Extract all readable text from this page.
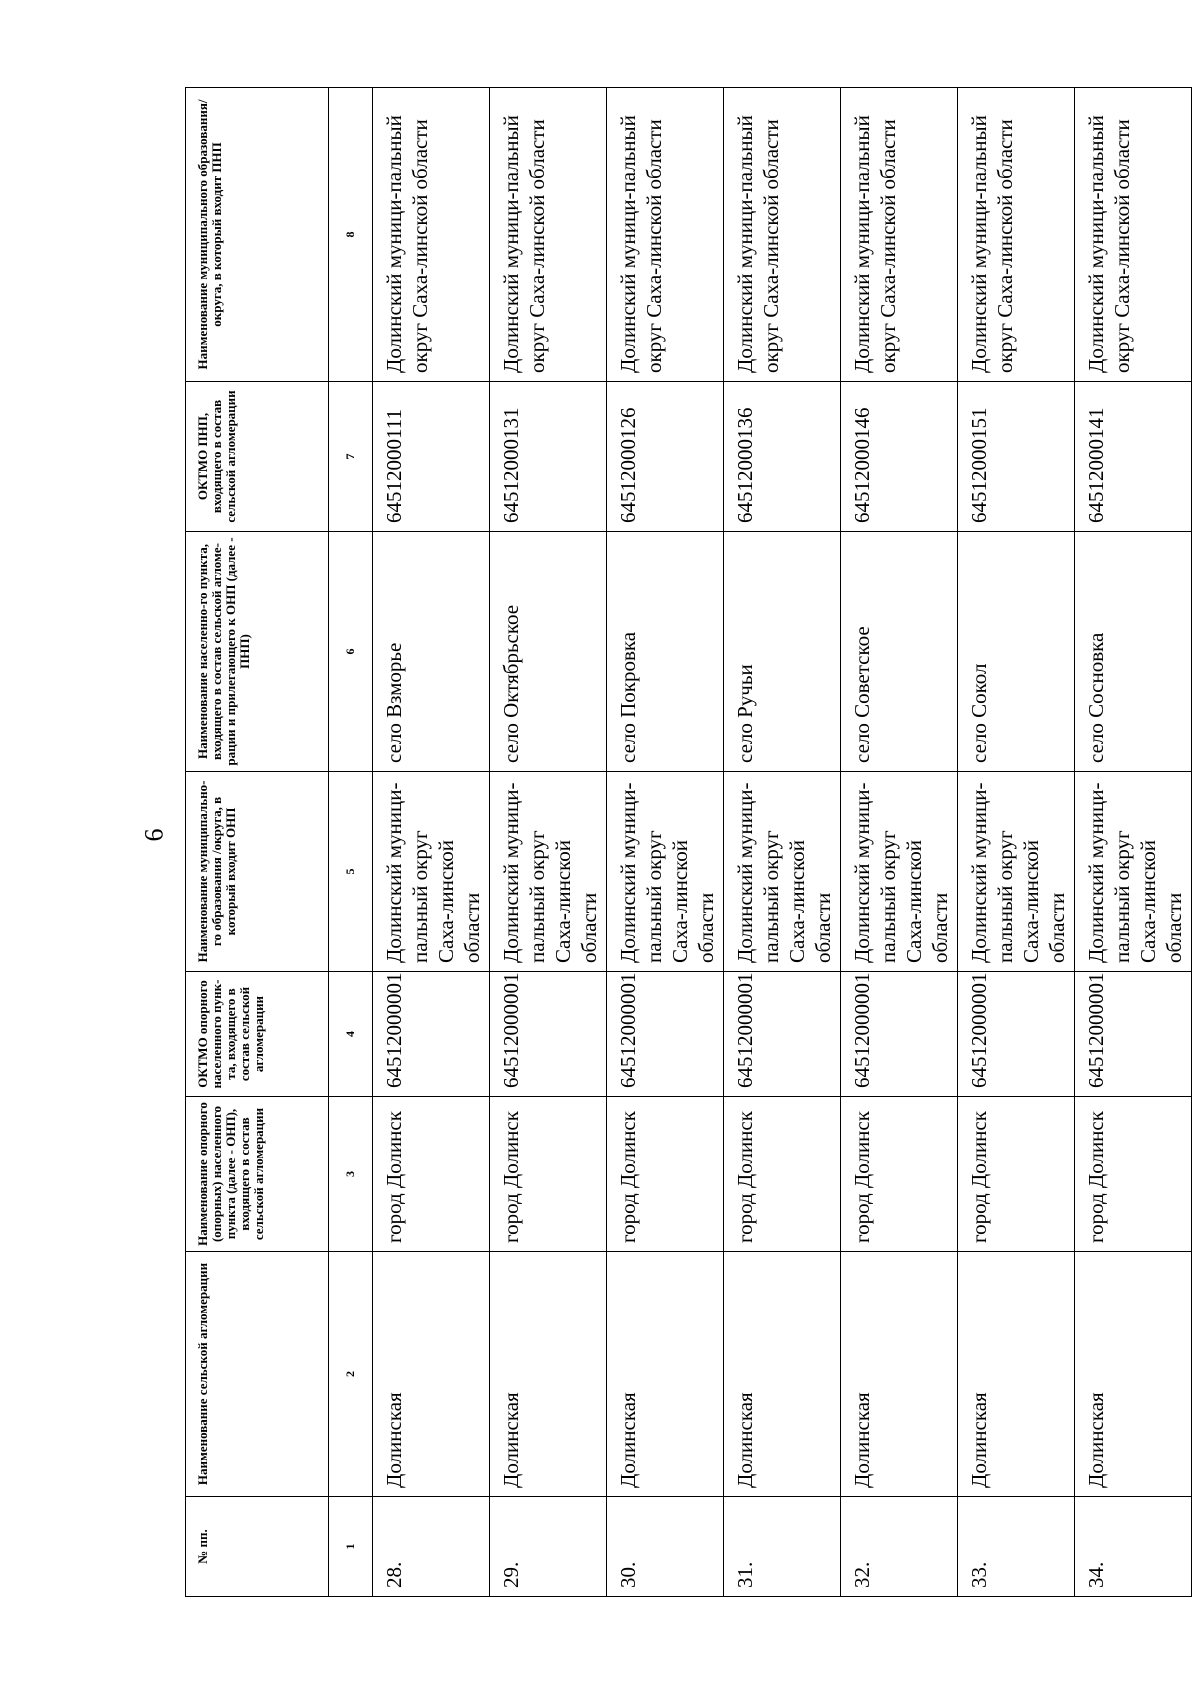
6
№ пп.	Наименование сельской агломерации	Наименование опорного (опорных) населенного пункта (далее - ОНП), входящего в состав сельской агломерации	ОКТМО опорного населенного пунк-та, входящего в состав сельской агломерации	Наименование муниципально-го образования /округа, в который входит ОНП	Наименование населенно-го пункта, входящего в состав сельской агломе-рации и прилегающего к ОНП (далее - ПНП)	ОКТМО ПНП, входящего в состав сельской агломерации	Наименование муниципального образования/округа, в который входит ПНП
1	2	3	4	5	6	7	8
28.	Долинская	город Долинск	64512000001	Долинский муници-пальный округ Саха-линской области	село Взморье	64512000111	Долинский муници-пальный округ Саха-линской области
29.	Долинская	город Долинск	64512000001	Долинский муници-пальный округ Саха-линской области	село Октябрьское	64512000131	Долинский муници-пальный округ Саха-линской области
30.	Долинская	город Долинск	64512000001	Долинский муници-пальный округ Саха-линской области	село Покровка	64512000126	Долинский муници-пальный округ Саха-линской области
31.	Долинская	город Долинск	64512000001	Долинский муници-пальный округ Саха-линской области	село Ручьи	64512000136	Долинский муници-пальный округ Саха-линской области
32.	Долинская	город Долинск	64512000001	Долинский муници-пальный округ Саха-линской области	село Советское	64512000146	Долинский муници-пальный округ Саха-линской области
33.	Долинская	город Долинск	64512000001	Долинский муници-пальный округ Саха-линской области	село Сокол	64512000151	Долинский муници-пальный округ Саха-линской области
34.	Долинская	город Долинск	64512000001	Долинский муници-пальный округ Саха-линской области	село Сосновка	64512000141	Долинский муници-пальный округ Саха-линской области
